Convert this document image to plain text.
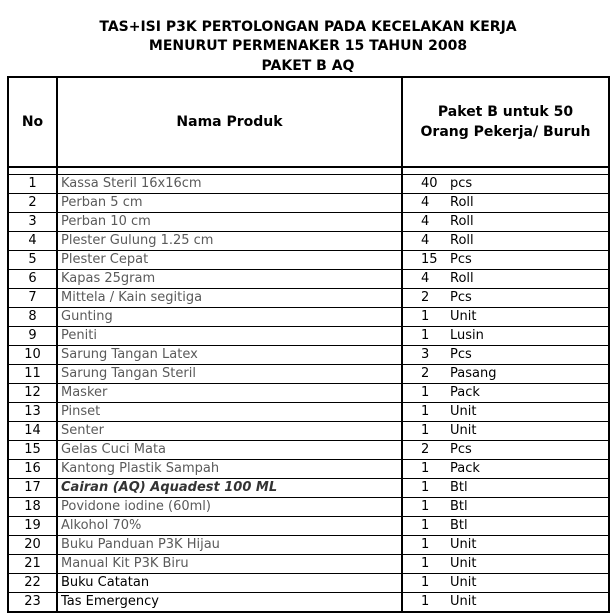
TAS+ISI P3K PERTOLONGAN PADA KECELAKAN KERJA
MENURUT PERMENAKER 15 TAHUN 2008
PAKET B AQ
No	Nama Produk	Paket B untuk 50 Orang Pekerja/ Buruh	

1	Kassa Steril 16x16cm	40	pcs
2	Perban 5 cm	4	Roll
3	Perban 10 cm	4	Roll
4	Plester Gulung 1.25 cm	4	Roll
5	Plester Cepat	15	Pcs
6	Kapas 25gram	4	Roll
7	Mittela / Kain segitiga	2	Pcs
8	Gunting	1	Unit
9	Peniti	1	Lusin
10	Sarung Tangan Latex	3	Pcs
11	Sarung Tangan Steril	2	Pasang
12	Masker	1	Pack
13	Pinset	1	Unit
14	Senter	1	Unit
15	Gelas Cuci Mata	2	Pcs
16	Kantong Plastik Sampah	1	Pack
17	Cairan (AQ) Aquadest 100 ML	1	Btl
18	Povidone iodine (60ml)	1	Btl
19	Alkohol 70%	1	Btl
20	Buku Panduan P3K Hijau	1	Unit
21	Manual Kit P3K Biru	1	Unit
22	Buku Catatan	1	Unit
23	Tas Emergency	1	Unit
